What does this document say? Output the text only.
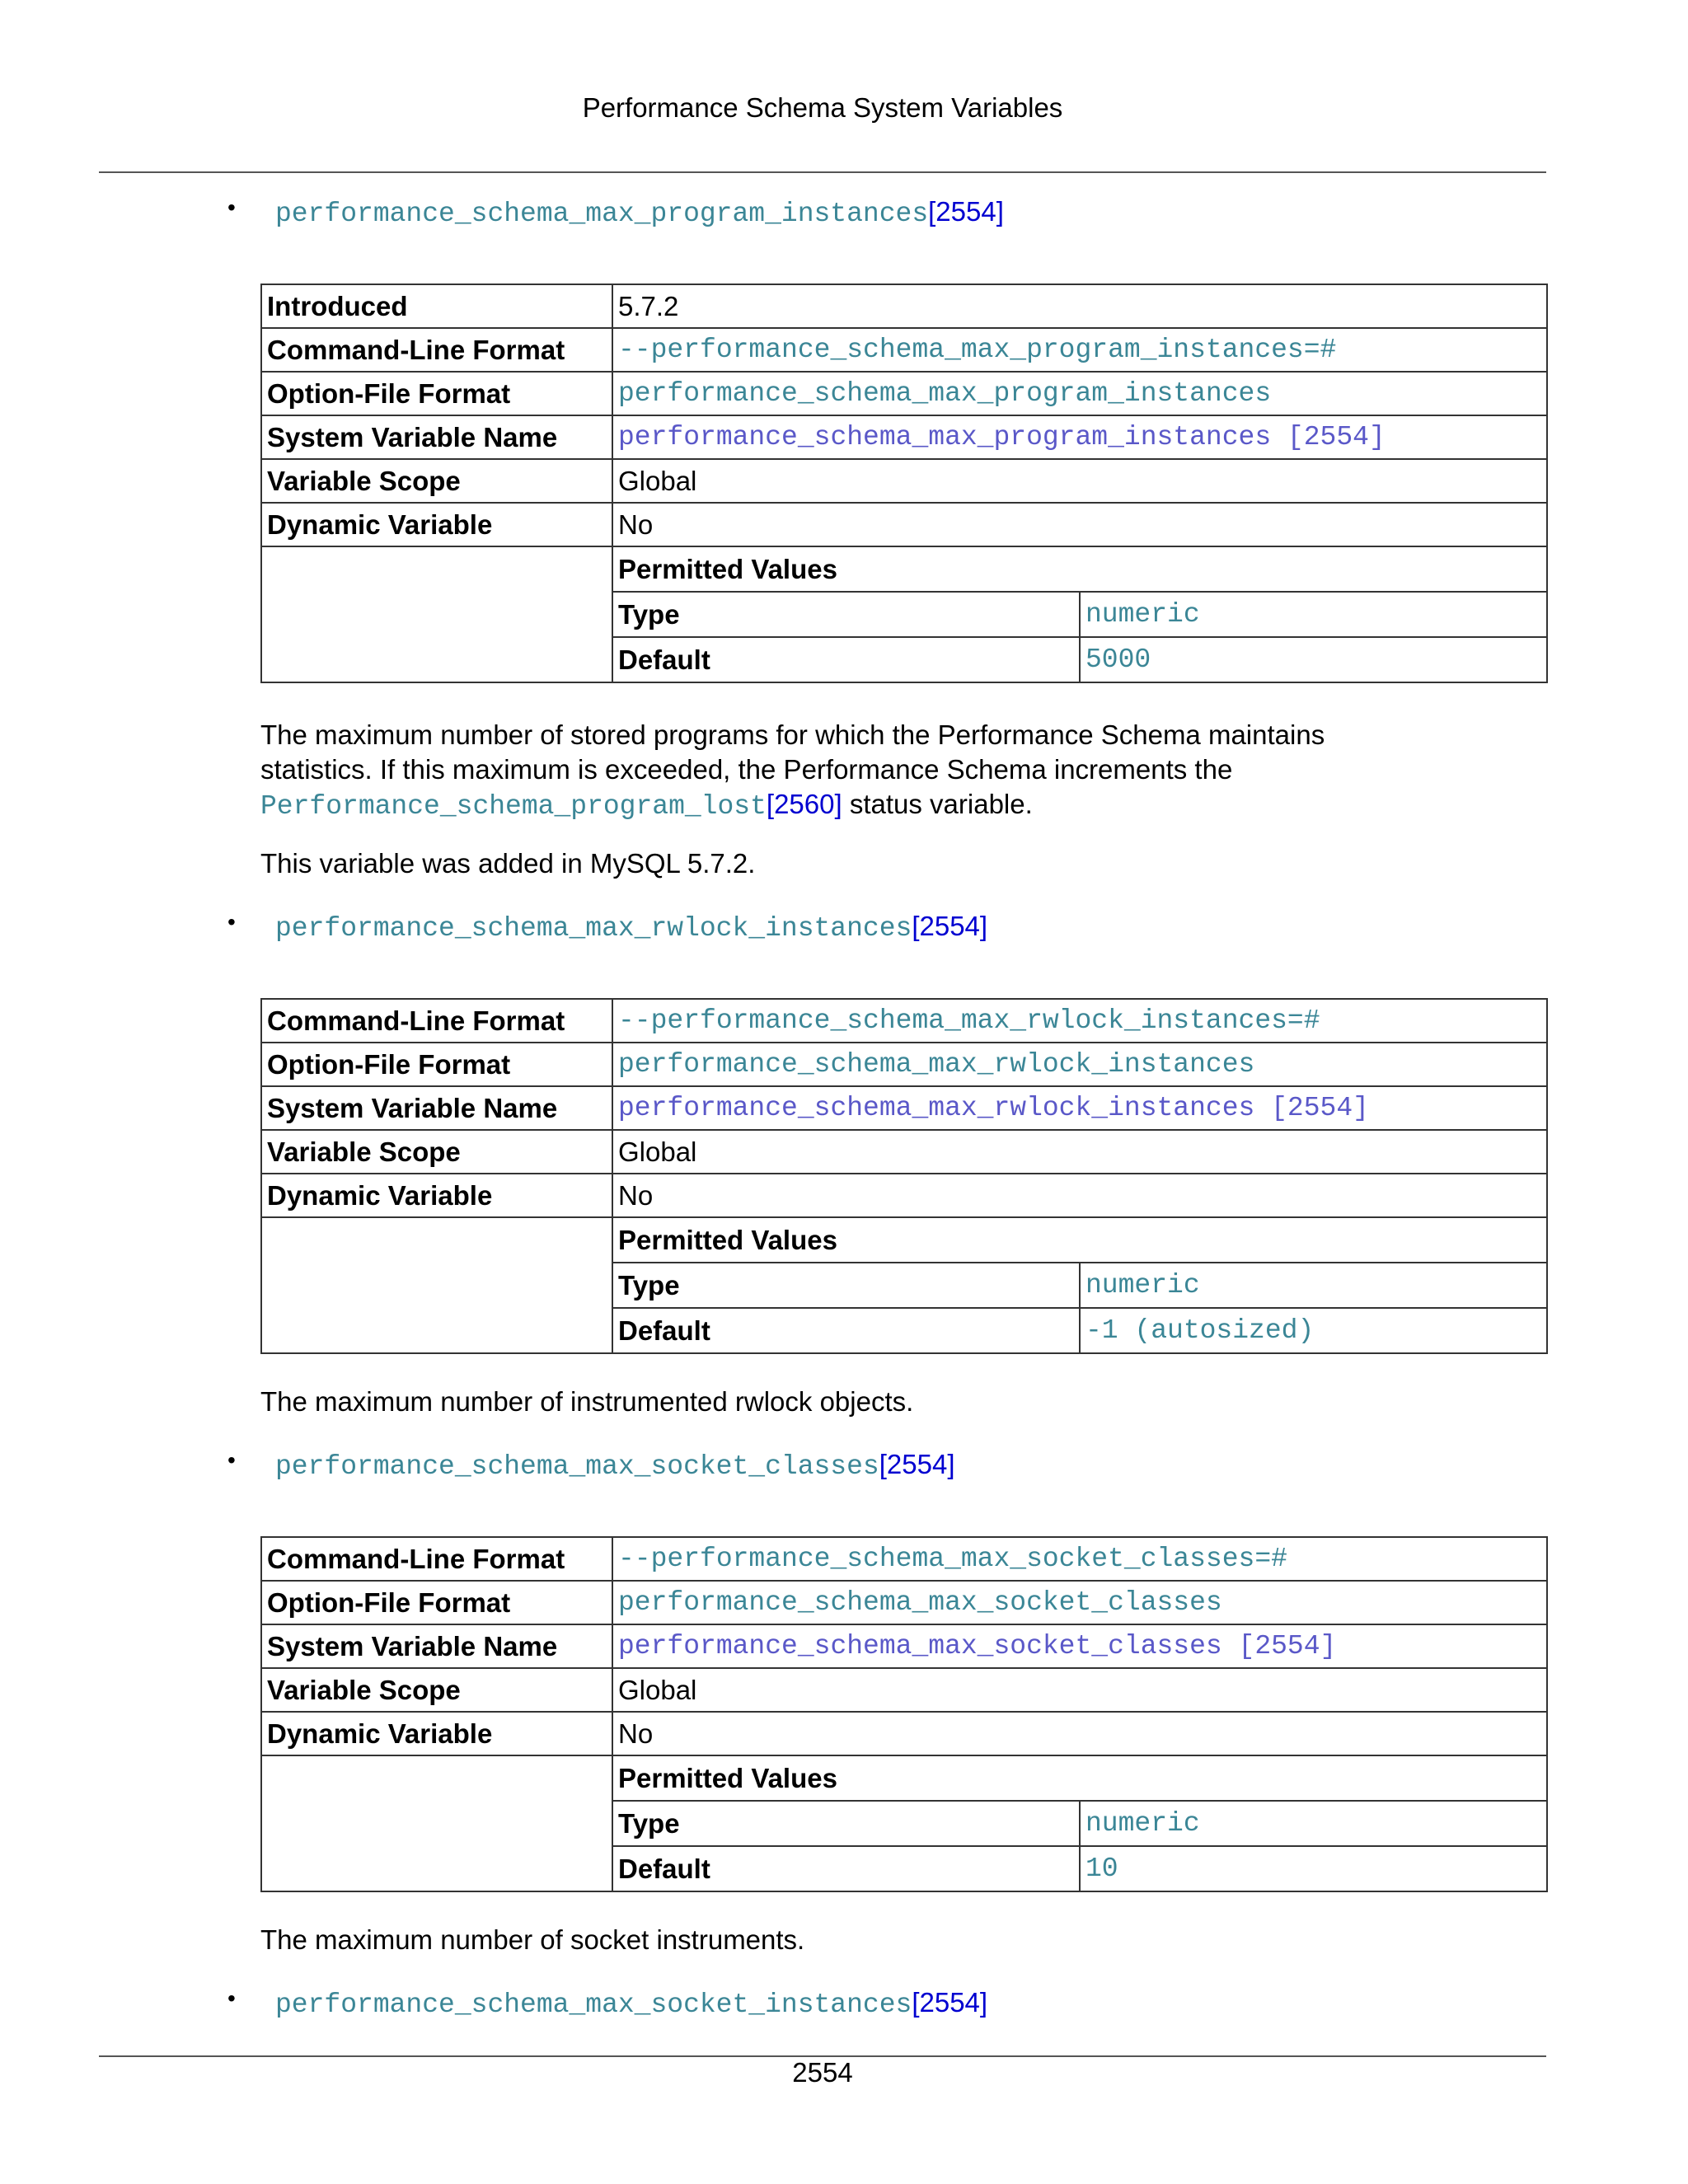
Performance Schema System Variables
• performance_schema_max_program_instances[2554]
Introduced	5.7.2
Command-Line Format	--performance_schema_max_program_instances=#
Option-File Format	performance_schema_max_program_instances
System Variable Name	performance_schema_max_program_instances [2554]
Variable Scope	Global
Dynamic Variable	No

Permitted Values
Type	numeric
Default	5000
The maximum number of stored programs for which the Performance Schema maintains
statistics. If this maximum is exceeded, the Performance Schema increments the
Performance_schema_program_lost[2560] status variable.
This variable was added in MySQL 5.7.2.
• performance_schema_max_rwlock_instances[2554]
Command-Line Format	--performance_schema_max_rwlock_instances=#
Option-File Format	performance_schema_max_rwlock_instances
System Variable Name	performance_schema_max_rwlock_instances [2554]
Variable Scope	Global
Dynamic Variable	No

Permitted Values
Type	numeric
Default	-1 (autosized)
The maximum number of instrumented rwlock objects.
• performance_schema_max_socket_classes[2554]
Command-Line Format	--performance_schema_max_socket_classes=#
Option-File Format	performance_schema_max_socket_classes
System Variable Name	performance_schema_max_socket_classes [2554]
Variable Scope	Global
Dynamic Variable	No

Permitted Values
Type	numeric
Default	10
The maximum number of socket instruments.
• performance_schema_max_socket_instances[2554]
2554
